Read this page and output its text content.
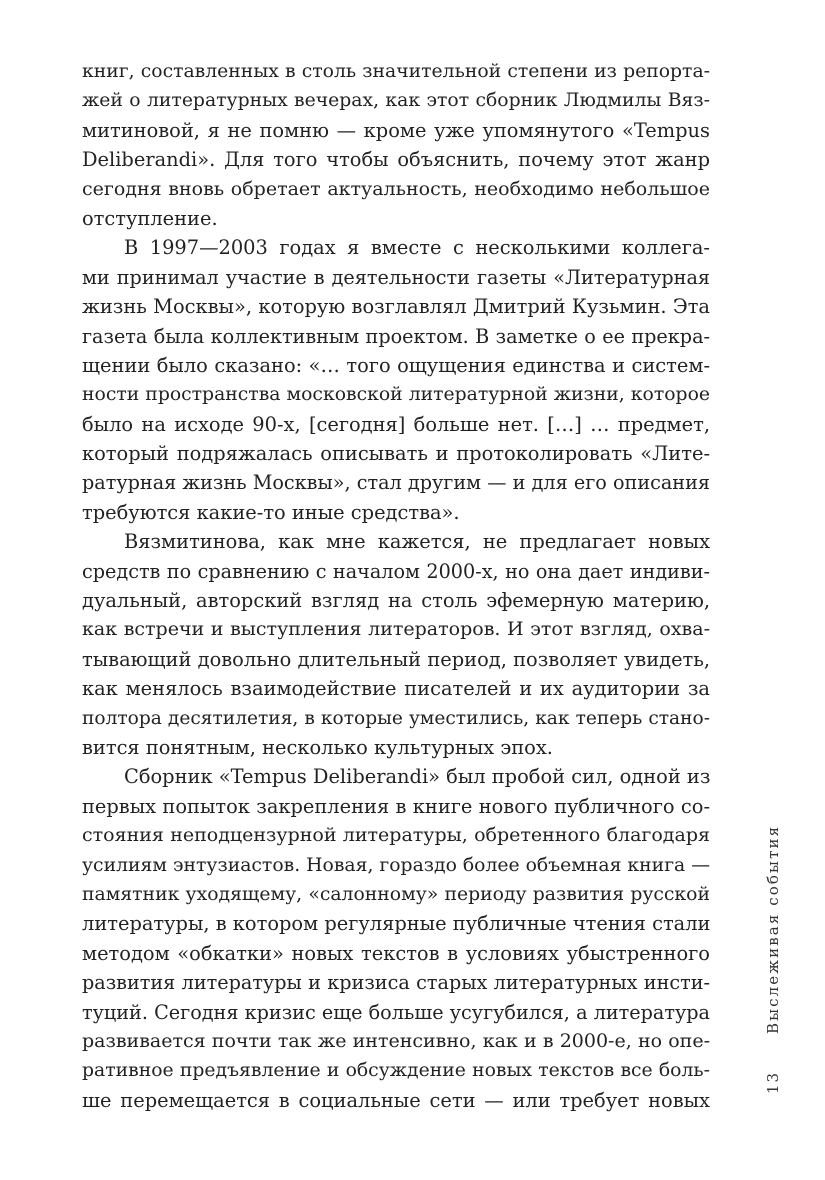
книг, составленных в столь значительной степени из репорта-
жей о литературных вечерах, как этот сборник Людмилы Вяз-
митиновой, я не помню — кроме уже упомянутого «Tempus
Deliberandi». Для того чтобы объяснить, почему этот жанр
сегодня вновь обретает актуальность, необходимо небольшое
отступление.
В 1997—2003 годах я вместе с несколькими коллега-
ми принимал участие в деятельности газеты «Литературная
жизнь Москвы», которую возглавлял Дмитрий Кузьмин. Эта
газета была коллективным проектом. В заметке о ее прекра-
щении было сказано: «… того ощущения единства и систем-
ности пространства московской литературной жизни, которое
было на исходе 90-х, [сегодня] больше нет. […] … предмет,
который подряжалась описывать и протоколировать «Лите-
ратурная жизнь Москвы», стал другим — и для его описания
требуются какие-то иные средства».
Вязмитинова, как мне кажется, не предлагает новых
средств по сравнению с началом 2000-х, но она дает индиви-
дуальный, авторский взгляд на столь эфемерную материю,
как встречи и выступления литераторов. И этот взгляд, охва-
тывающий довольно длительный период, позволяет увидеть,
как менялось взаимодействие писателей и их аудитории за
полтора десятилетия, в которые уместились, как теперь стано-
вится понятным, несколько культурных эпох.
Сборник «Tempus Deliberandi» был пробой сил, одной из
первых попыток закрепления в книге нового публичного со-
стояния неподцензурной литературы, обретенного благодаря
усилиям энтузиастов. Новая, гораздо более объемная книга —
памятник уходящему, «салонному» периоду развития русской
литературы, в котором регулярные публичные чтения стали
методом «обкатки» новых текстов в условиях убыстренного
развития литературы и кризиса старых литературных инсти-
туций. Сегодня кризис еще больше усугубился, а литература
развивается почти так же интенсивно, как и в 2000-е, но опе-
ративное предъявление и обсуждение новых текстов все боль-
ше перемещается в социальные сети — или требует новых
Выслеживая события
13
